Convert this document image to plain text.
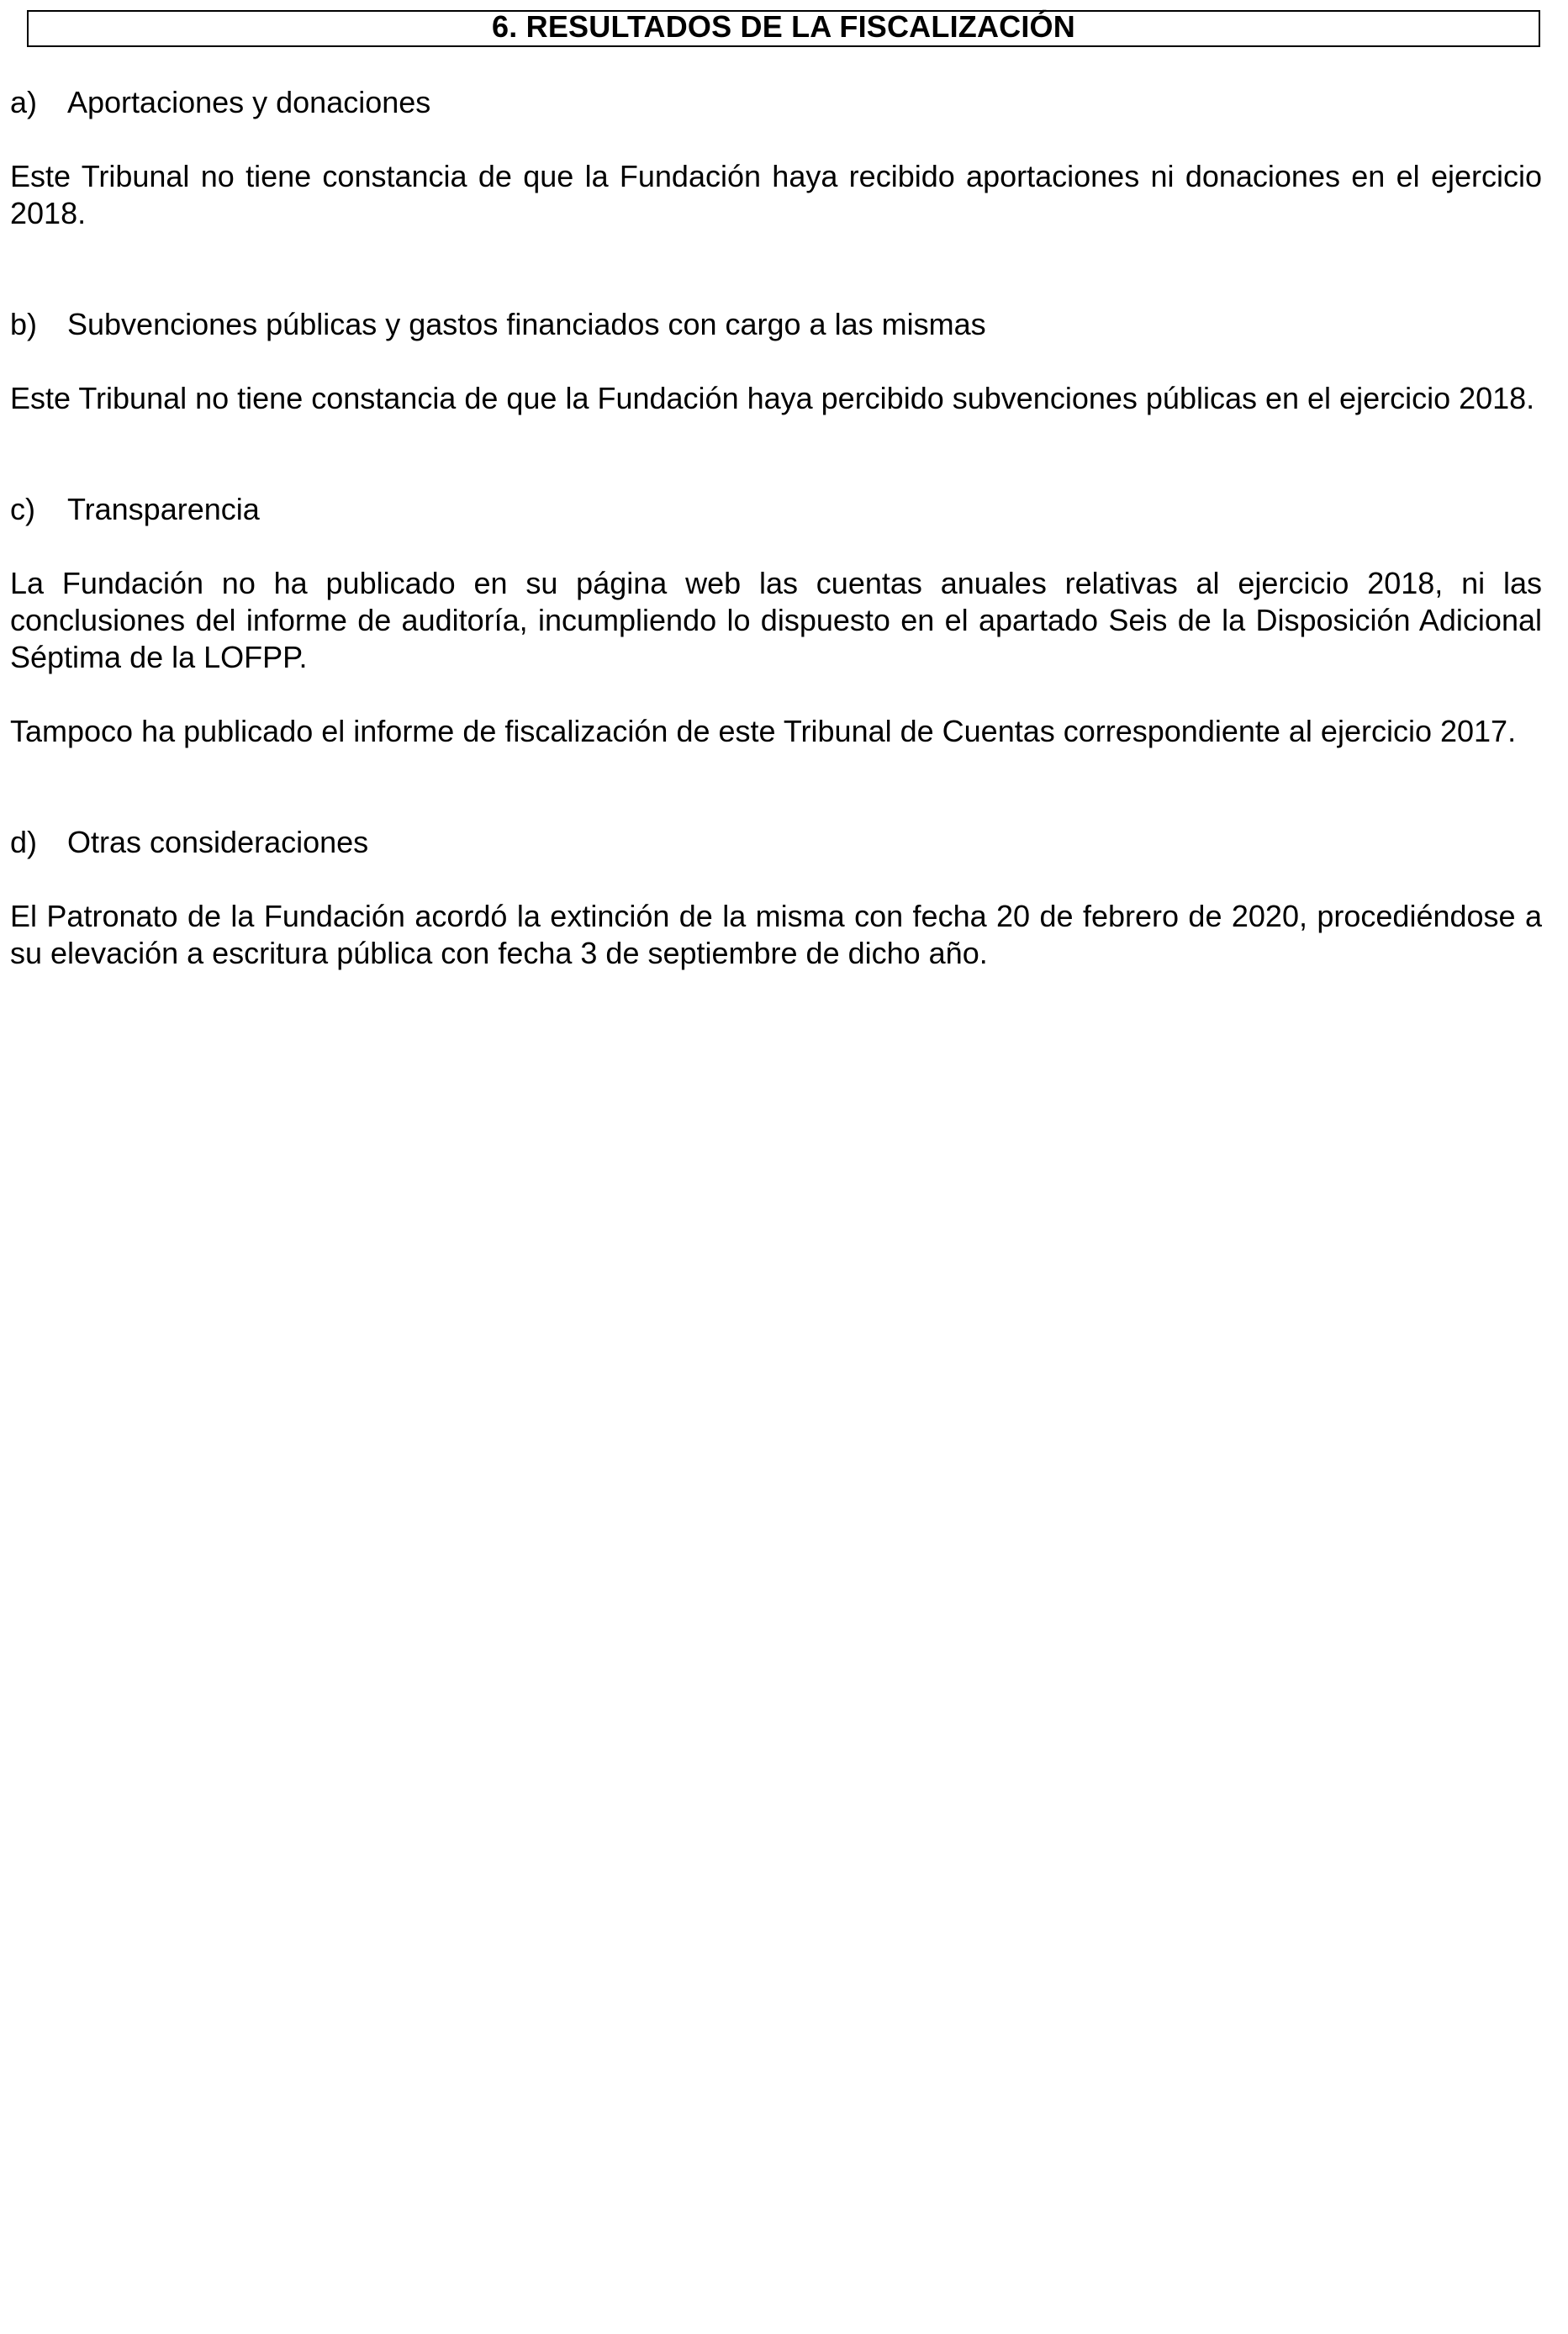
6. RESULTADOS DE LA FISCALIZACIÓN
a) Aportaciones y donaciones

Este Tribunal no tiene constancia de que la Fundación haya recibido aportaciones ni donaciones en el ejercicio 2018.

b) Subvenciones públicas y gastos financiados con cargo a las mismas

Este Tribunal no tiene constancia de que la Fundación haya percibido subvenciones públicas en el ejercicio 2018.

c)	Transparencia

La Fundación no ha publicado en su página web las cuentas anuales relativas al ejercicio 2018, ni las conclusiones del informe de auditoría, incumpliendo lo dispuesto en el apartado Seis de la Disposición Adicional Séptima de la LOFPP.

Tampoco ha publicado el informe de fiscalización de este Tribunal de Cuentas correspondiente al ejercicio 2017.

d) Otras consideraciones

El Patronato de la Fundación acordó la extinción de la misma con fecha 20 de febrero de 2020, procediéndose a su elevación a escritura pública con fecha 3 de septiembre de dicho año.
